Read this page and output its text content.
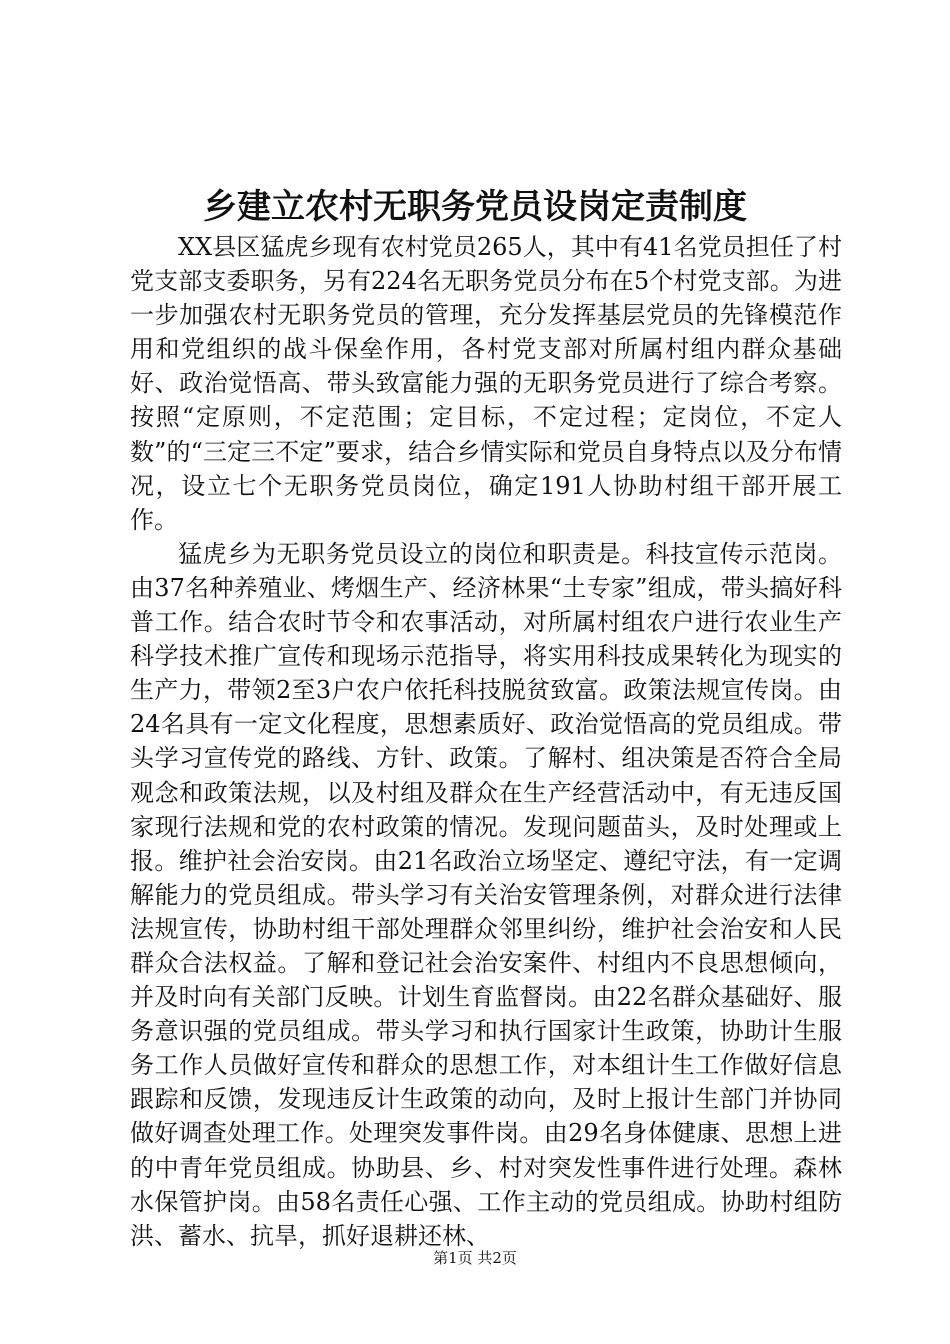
乡建立农村无职务党员设岗定责制度

XX县区猛虎乡现有农村党员265人，其中有41名党员担任了村党支部支委职务，另有224名无职务党员分布在5个村党支部。为进一步加强农村无职务党员的管理，充分发挥基层党员的先锋模范作用和党组织的战斗保垒作用，各村党支部对所属村组内群众基础好、政治觉悟高、带头致富能力强的无职务党员进行了综合考察。按照“定原则，不定范围；定目标，不定过程；定岗位，不定人数”的“三定三不定”要求，结合乡情实际和党员自身特点以及分布情况，设立七个无职务党员岗位，确定191人协助村组干部开展工作。

猛虎乡为无职务党员设立的岗位和职责是。科技宣传示范岗。由37名种养殖业、烤烟生产、经济林果“土专家”组成，带头搞好科普工作。结合农时节令和农事活动，对所属村组农户进行农业生产科学技术推广宣传和现场示范指导，将实用科技成果转化为现实的生产力，带领2至3户农户依托科技脱贫致富。政策法规宣传岗。由24名具有一定文化程度，思想素质好、政治觉悟高的党员组成。带头学习宣传党的路线、方针、政策。了解村、组决策是否符合全局观念和政策法规，以及村组及群众在生产经营活动中，有无违反国家现行法规和党的农村政策的情况。发现问题苗头，及时处理或上报。维护社会治安岗。由21名政治立场坚定、遵纪守法，有一定调解能力的党员组成。带头学习有关治安管理条例，对群众进行法律法规宣传，协助村组干部处理群众邻里纠纷，维护社会治安和人民群众合法权益。了解和登记社会治安案件、村组内不良思想倾向，并及时向有关部门反映。计划生育监督岗。由22名群众基础好、服务意识强的党员组成。带头学习和执行国家计生政策，协助计生服务工作人员做好宣传和群众的思想工作，对本组计生工作做好信息跟踪和反馈，发现违反计生政策的动向，及时上报计生部门并协同做好调查处理工作。处理突发事件岗。由29名身体健康、思想上进的中青年党员组成。协助县、乡、村对突发性事件进行处理。森林水保管护岗。由58名责任心强、工作主动的党员组成。协助村组防洪、蓄水、抗旱，抓好退耕还林、

第1页 共2页
